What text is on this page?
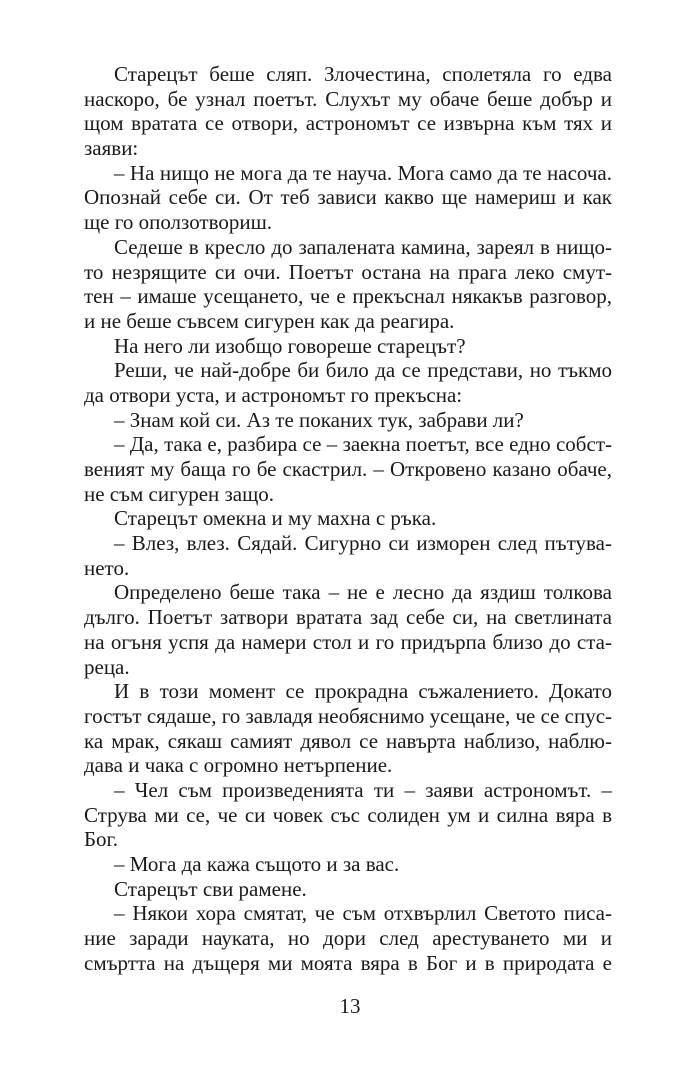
Старецът беше сляп. Злочестина, сполетяла го едва
наскоро, бе узнал поетът. Слухът му обаче беше добър и
щом вратата се отвори, астрономът се извърна към тях и
заяви:
– На нищо не мога да те науча. Мога само да те насоча.
Опознай себе си. От теб зависи какво ще намериш и как
ще го оползотвориш.
Седеше в кресло до запалената камина, зареял в нищо-
то незрящите си очи. Поетът остана на прага леко смут-
тен – имаше усещането, че е прекъснал някакъв разговор,
и не беше съвсем сигурен как да реагира.
На него ли изобщо говореше старецът?
Реши, че най-добре би било да се представи, но тъкмо
да отвори уста, и астрономът го прекъсна:
– Знам кой си. Аз те поканих тук, забрави ли?
– Да, така е, разбира се – заекна поетът, все едно собст-
веният му баща го бе скастрил. – Откровено казано обаче,
не съм сигурен защо.
Старецът омекна и му махна с ръка.
– Влез, влез. Сядай. Сигурно си изморен след пътува-
нето.
Определено беше така – не е лесно да яздиш толкова
дълго. Поетът затвори вратата зад себе си, на светлината
на огъня успя да намери стол и го придърпа близо до ста-
реца.
И в този момент се прокрадна съжалението. Докато
гостът сядаше, го завладя необяснимо усещане, че се спус-
ка мрак, сякаш самият дявол се навърта наблизо, наблю-
дава и чака с огромно нетърпение.
– Чел съм произведенията ти – заяви астрономът. –
Струва ми се, че си човек със солиден ум и силна вяра в
Бог.
– Мога да кажа същото и за вас.
Старецът сви рамене.
– Някои хора смятат, че съм отхвърлил Светото писа-
ние заради науката, но дори след арестуването ми и
смъртта на дъщеря ми моята вяра в Бог и в природата е
13
